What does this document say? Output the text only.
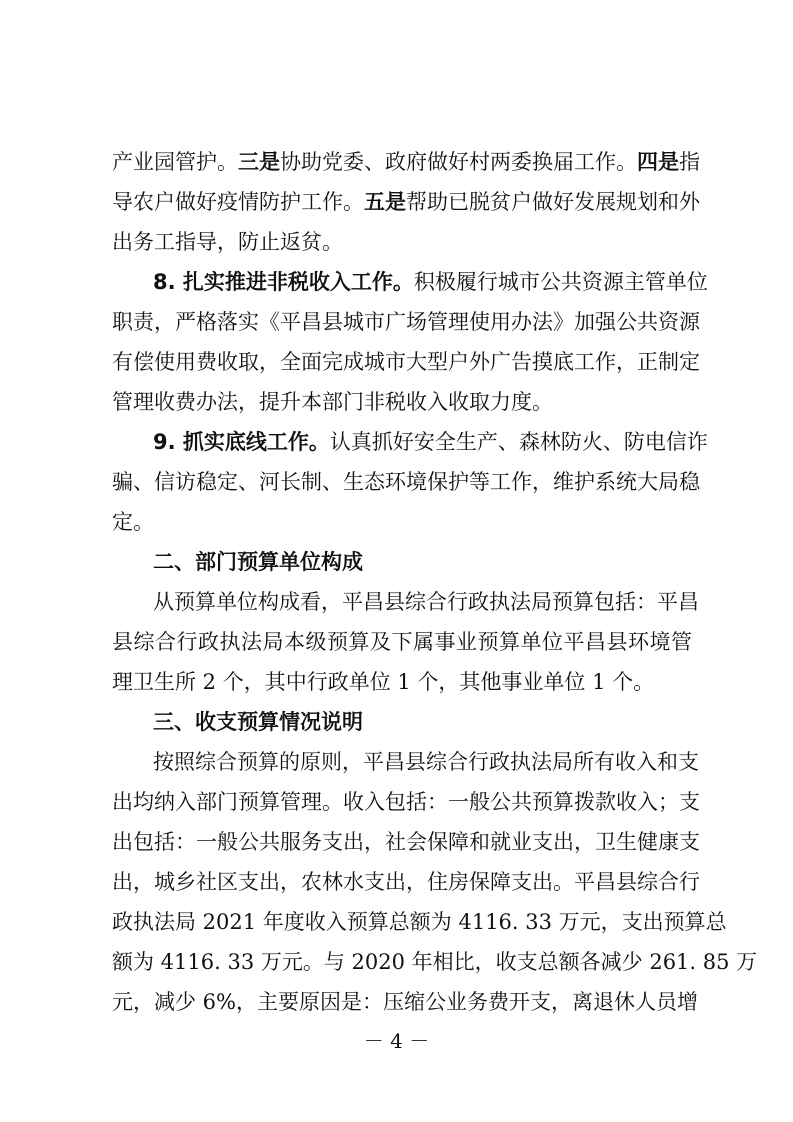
产业园管护。三是协助党委、政府做好村两委换届工作。四是指
导农户做好疫情防护工作。五是帮助已脱贫户做好发展规划和外
出务工指导，防止返贫。
8. 扎实推进非税收入工作。积极履行城市公共资源主管单位
职责，严格落实《平昌县城市广场管理使用办法》加强公共资源
有偿使用费收取，全面完成城市大型户外广告摸底工作，正制定
管理收费办法，提升本部门非税收入收取力度。
9. 抓实底线工作。认真抓好安全生产、森林防火、防电信诈
骗、信访稳定、河长制、生态环境保护等工作，维护系统大局稳
定。
二、部门预算单位构成
从预算单位构成看，平昌县综合行政执法局预算包括：平昌
县综合行政执法局本级预算及下属事业预算单位平昌县环境管
理卫生所 2 个，其中行政单位 1 个，其他事业单位 1 个。
三、收支预算情况说明
按照综合预算的原则，平昌县综合行政执法局所有收入和支
出均纳入部门预算管理。收入包括：一般公共预算拨款收入；支
出包括：一般公共服务支出，社会保障和就业支出，卫生健康支
出，城乡社区支出，农林水支出，住房保障支出。平昌县综合行
政执法局 2021 年度收入预算总额为 4116. 33 万元，支出预算总
额为 4116. 33 万元。与 2020 年相比，收支总额各减少 261. 85 万
元，减少 6%，主要原因是：压缩公业务费开支，离退休人员增
－ 4 －
